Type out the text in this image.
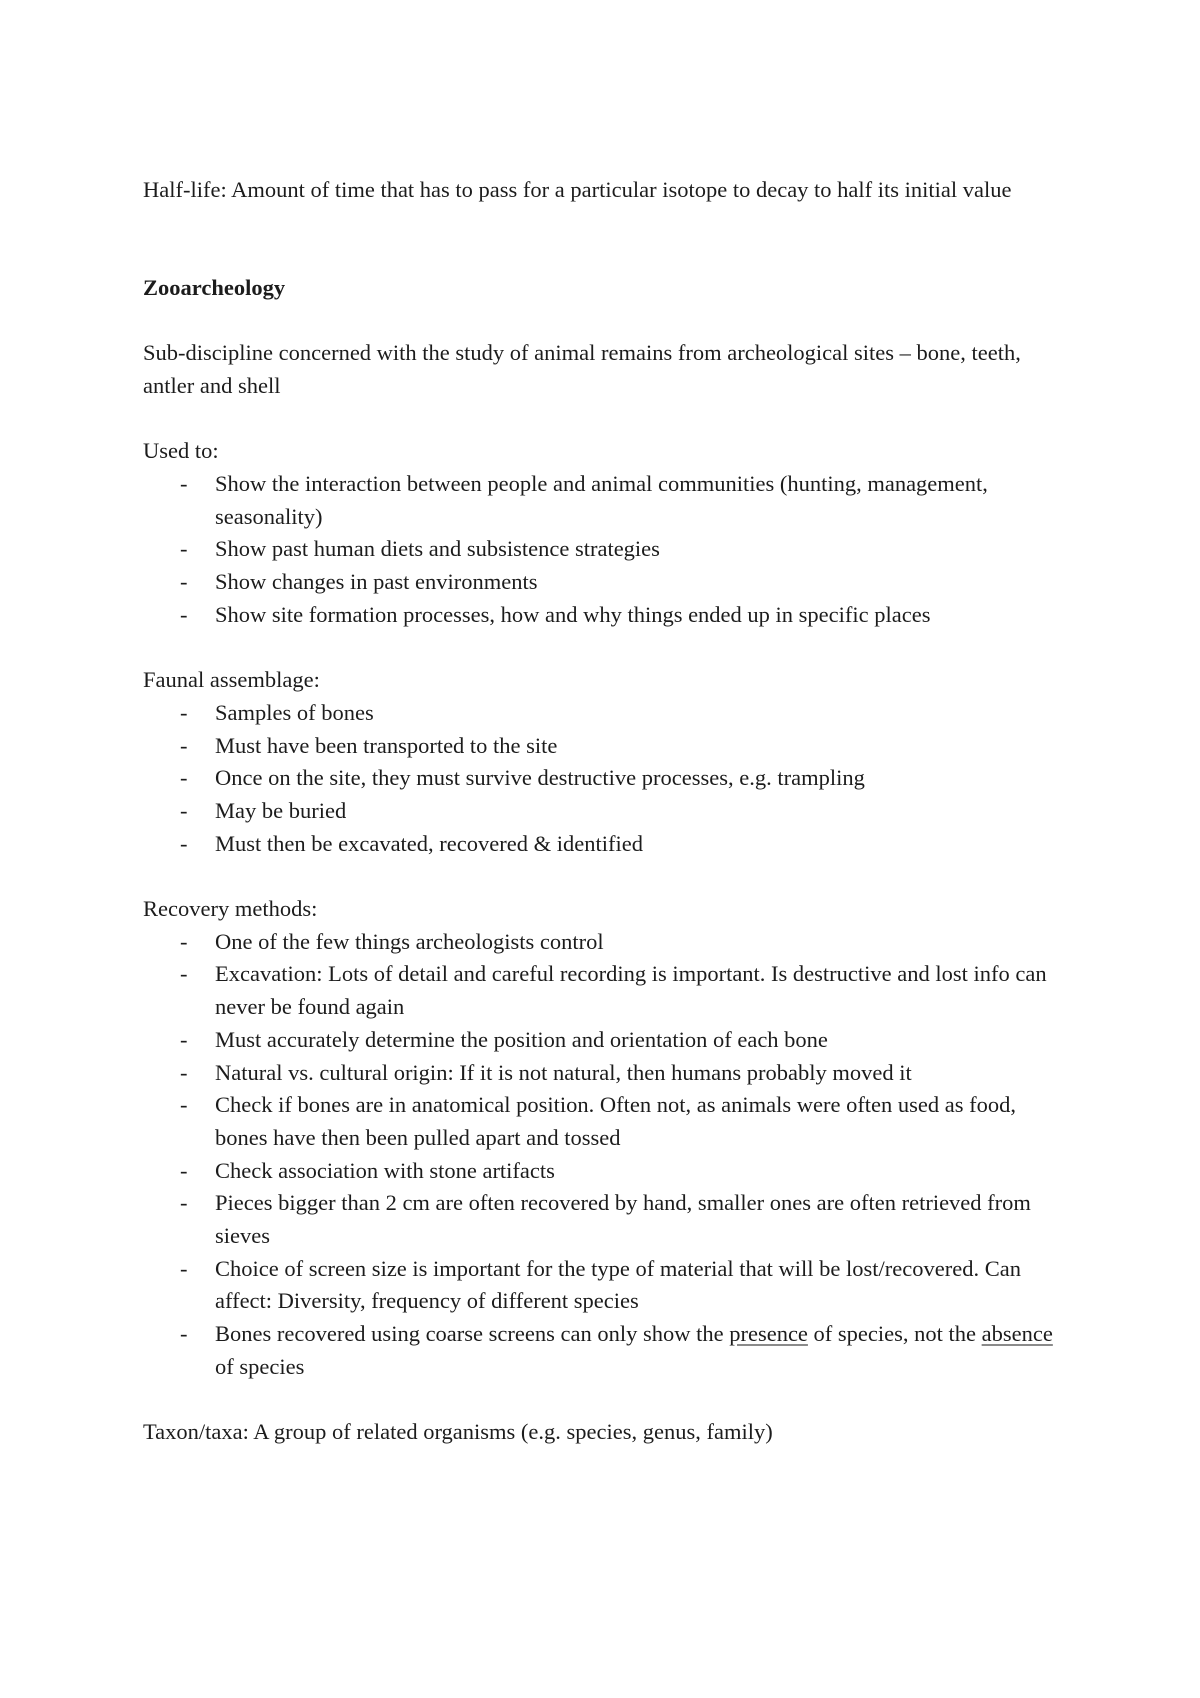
Half-life: Amount of time that has to pass for a particular isotope to decay to half its initial value

Zooarcheology

Sub-discipline concerned with the study of animal remains from archeological sites – bone, teeth, antler and shell

Used to:

- Show the interaction between people and animal communities (hunting, management, seasonality)
- Show past human diets and subsistence strategies
- Show changes in past environments
- Show site formation processes, how and why things ended up in specific places

Faunal assemblage:

- Samples of bones
- Must have been transported to the site
- Once on the site, they must survive destructive processes, e.g. trampling
- May be buried
- Must then be excavated, recovered & identified

Recovery methods:

- One of the few things archeologists control
- Excavation: Lots of detail and careful recording is important. Is destructive and lost info can never be found again
- Must accurately determine the position and orientation of each bone
- Natural vs. cultural origin: If it is not natural, then humans probably moved it
- Check if bones are in anatomical position. Often not, as animals were often used as food, bones have then been pulled apart and tossed
- Check association with stone artifacts
- Pieces bigger than 2 cm are often recovered by hand, smaller ones are often retrieved from sieves
- Choice of screen size is important for the type of material that will be lost/recovered. Can affect: Diversity, frequency of different species
- Bones recovered using coarse screens can only show the presence of species, not the absence of species

Taxon/taxa: A group of related organisms (e.g. species, genus, family)
